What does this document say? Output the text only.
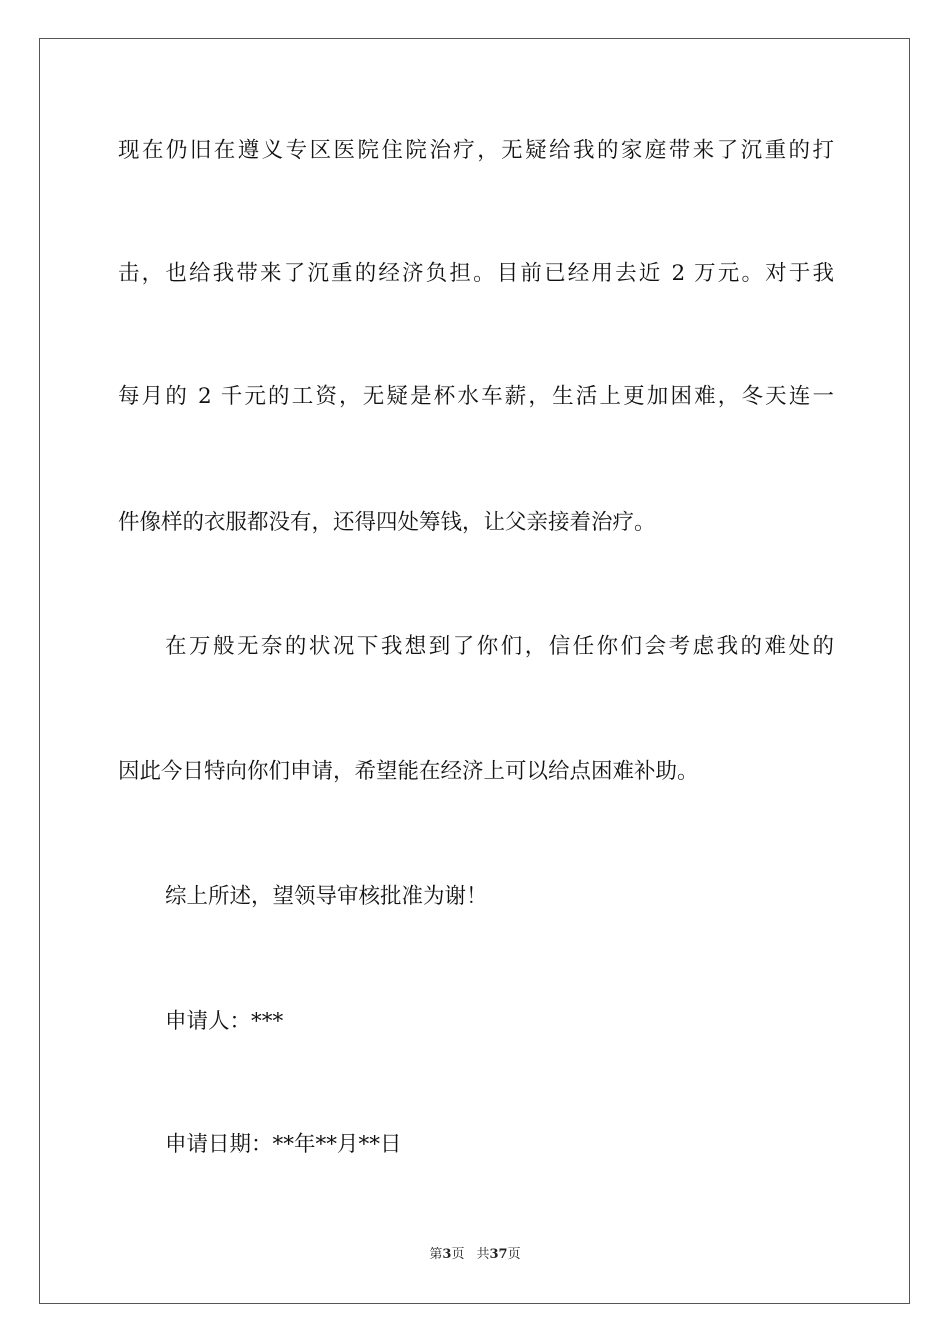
现在仍旧在遵义专区医院住院治疗，无疑给我的家庭带来了沉重的打
击，也给我带来了沉重的经济负担。目前已经用去近 2 万元。对于我
每月的 2 千元的工资，无疑是杯水车薪，生活上更加困难，冬天连一
件像样的衣服都没有，还得四处筹钱，让父亲接着治疗。
在万般无奈的状况下我想到了你们，信任你们会考虑我的难处的
因此今日特向你们申请，希望能在经济上可以给点困难补助。
综上所述，望领导审核批准为谢！
申请人：***
申请日期：**年**月**日
第3页 共37页
